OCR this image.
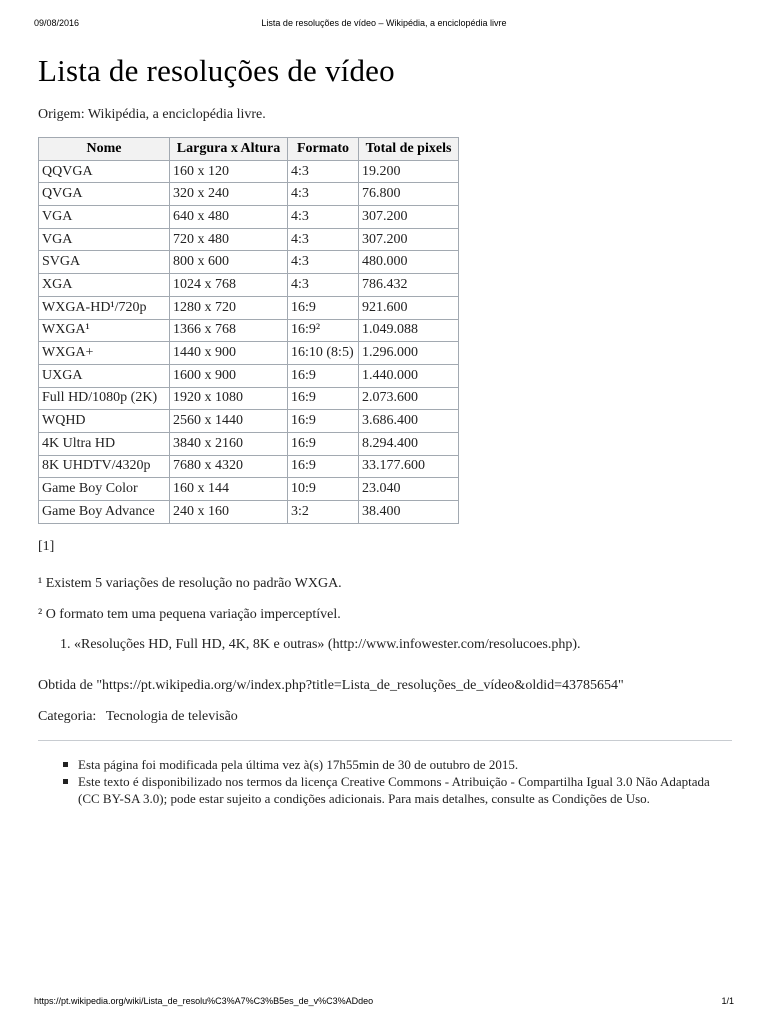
09/08/2016	Lista de resoluções de vídeo – Wikipédia, a enciclopédia livre
Lista de resoluções de vídeo
Origem: Wikipédia, a enciclopédia livre.
Nome	Largura x Altura	Formato	Total de pixels
QQVGA	160 x 120	4:3	19.200
QVGA	320 x 240	4:3	76.800
VGA	640 x 480	4:3	307.200
VGA	720 x 480	4:3	307.200
SVGA	800 x 600	4:3	480.000
XGA	1024 x 768	4:3	786.432
WXGA-HD¹/720p	1280 x 720	16:9	921.600
WXGA¹	1366 x 768	16:9²	1.049.088
WXGA+	1440 x 900	16:10 (8:5)	1.296.000
UXGA	1600 x 900	16:9	1.440.000
Full HD/1080p (2K)	1920 x 1080	16:9	2.073.600
WQHD	2560 x 1440	16:9	3.686.400
4K Ultra HD	3840 x 2160	16:9	8.294.400
8K UHDTV/4320p	7680 x 4320	16:9	33.177.600
Game Boy Color	160 x 144	10:9	23.040
Game Boy Advance	240 x 160	3:2	38.400
[1]
¹ Existem 5 variações de resolução no padrão WXGA.
² O formato tem uma pequena variação imperceptível.
1. «Resoluções HD, Full HD, 4K, 8K e outras» (http://www.infowester.com/resolucoes.php).
Obtida de "https://pt.wikipedia.org/w/index.php?title=Lista_de_resoluções_de_vídeo&oldid=43785654"
Categoria: Tecnologia de televisão
Esta página foi modificada pela última vez à(s) 17h55min de 30 de outubro de 2015.
Este texto é disponibilizado nos termos da licença Creative Commons - Atribuição - Compartilha Igual 3.0 Não Adaptada (CC BY-SA 3.0); pode estar sujeito a condições adicionais. Para mais detalhes, consulte as Condições de Uso.
https://pt.wikipedia.org/wiki/Lista_de_resolu%C3%A7%C3%B5es_de_v%C3%ADdeo	1/1
